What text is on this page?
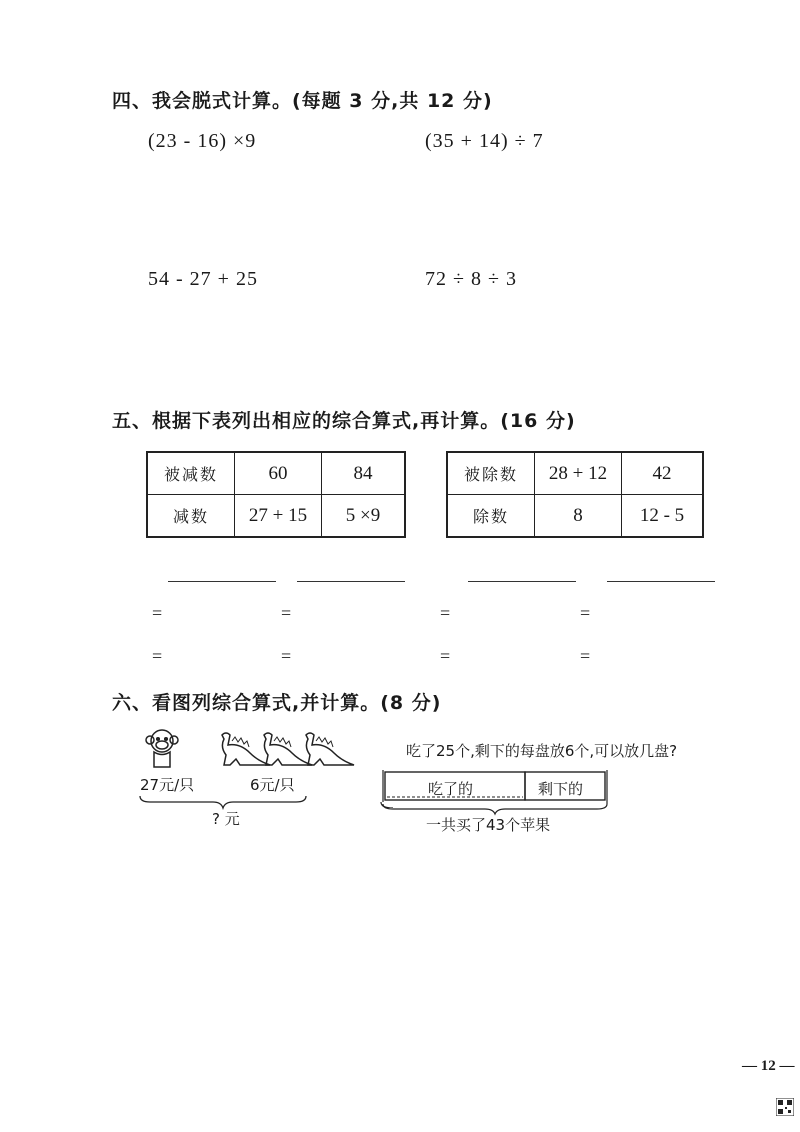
四、我会脱式计算。(每题 3 分,共 12 分)
(23 - 16) ×9	(35 + 14) ÷ 7
54 - 27 + 25	72 ÷ 8 ÷ 3
五、根据下表列出相应的综合算式,再计算。(16 分)
被减数	60	84
减数	27 + 15	5 ×9
被除数	28 + 12	42
除数	8	12 - 5
=	=	=	=
=	=	=	=
六、看图列综合算式,并计算。(8 分)
27元/只	6元/只
? 元
吃了25个,剩下的每盘放6个,可以放几盘?
吃了的	剩下的
一共买了43个苹果
— 12 —
